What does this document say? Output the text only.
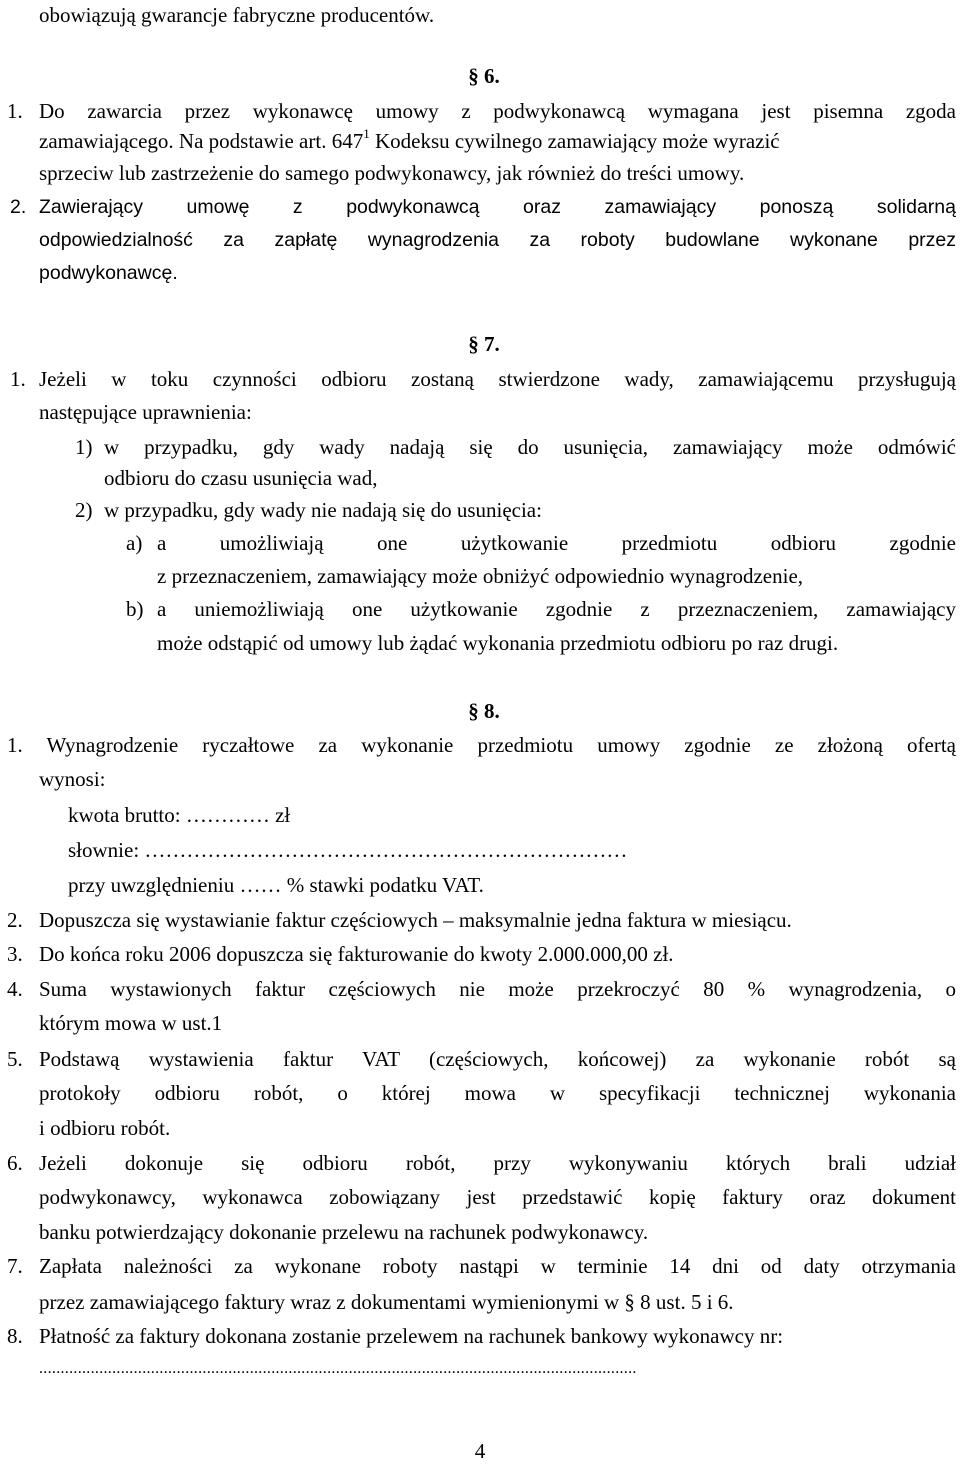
obowiązują gwarancje fabryczne producentów.
§ 6.
1. Do zawarcia przez wykonawcę umowy z podwykonawcą wymagana jest pisemna zgoda
zamawiającego. Na podstawie art. $647^1$ Kodeksu cywilnego zamawiający może wyrazić
sprzeciw lub zastrzeżenie do samego podwykonawcy, jak również do treści umowy.
2. Zawierający umowę z podwykonawcą oraz zamawiający ponoszą solidarną
odpowiedzialność za zapłatę wynagrodzenia za roboty budowlane wykonane przez
podwykonawcę.
§ 7.
1. Jeżeli w toku czynności odbioru zostaną stwierdzone wady, zamawiającemu przysługują
następujące uprawnienia:
1) w przypadku, gdy wady nadają się do usunięcia, zamawiający może odmówić
odbioru do czasu usunięcia wad,
2) w przypadku, gdy wady nie nadają się do usunięcia:
a) a umożliwiają one użytkowanie przedmiotu odbioru zgodnie
z przeznaczeniem, zamawiający może obniżyć odpowiednio wynagrodzenie,
b) a uniemożliwiają one użytkowanie zgodnie z przeznaczeniem, zamawiający
może odstąpić od umowy lub żądać wykonania przedmiotu odbioru po raz drugi.
§ 8.
1. Wynagrodzenie ryczałtowe za wykonanie przedmiotu umowy zgodnie ze złożoną ofertą
wynosi:
kwota brutto: ………… zł
słownie: ……………………………………………………………
przy uwzględnieniu …… % stawki podatku VAT.
2. Dopuszcza się wystawianie faktur częściowych – maksymalnie jedna faktura w miesiącu.
3. Do końca roku 2006 dopuszcza się fakturowanie do kwoty 2.000.000,00 zł.
4. Suma wystawionych faktur częściowych nie może przekroczyć 80 % wynagrodzenia, o
którym mowa w ust.1
5. Podstawą wystawienia faktur VAT (częściowych, końcowej) za wykonanie robót są
protokoły odbioru robót, o której mowa w specyfikacji technicznej wykonania
i odbioru robót.
6. Jeżeli dokonuje się odbioru robót, przy wykonywaniu których brali udział
podwykonawcy, wykonawca zobowiązany jest przedstawić kopię faktury oraz dokument
banku potwierdzający dokonanie przelewu na rachunek podwykonawcy.
7. Zapłata należności za wykonane roboty nastąpi w terminie 14 dni od daty otrzymania
przez zamawiającego faktury wraz z dokumentami wymienionymi w § 8 ust. 5 i 6.
8. Płatność za faktury dokonana zostanie przelewem na rachunek bankowy wykonawcy nr:
...........................................................................................................................................
4
